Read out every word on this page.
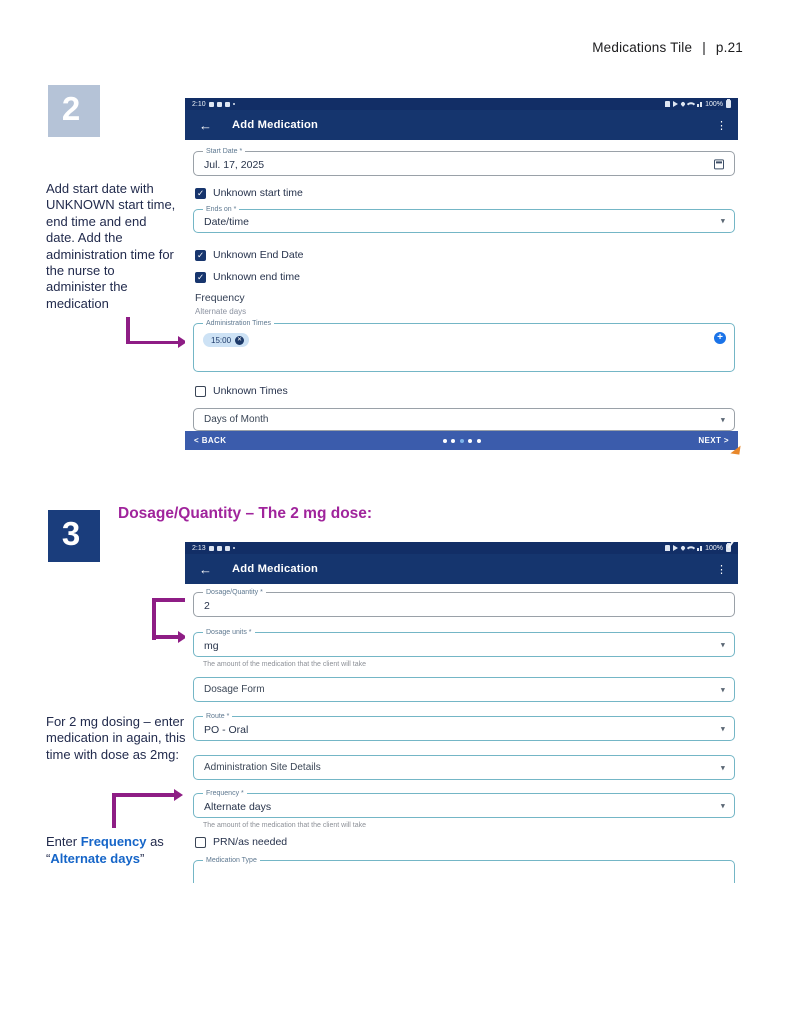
Medications Tile | p.21
2
Add start date with UNKNOWN start time, end time and end date. Add the administration time for the nurse to administer the medication
2:10	100%
← Add Medication	⋮
Start Date *
Jul. 17, 2025
✓
Unknown start time
Ends on *
Date/time
▾
✓
Unknown End Date
✓
Unknown end time
Frequency
Alternate days
Administration Times
15:00
✕
+
Unknown Times
Days of Month
▾
< BACK	NEXT >
3
Dosage/Quantity – The 2 mg dose:
For 2 mg dosing – enter medication in again, this time with dose as 2mg:
Enter Frequency as “Alternate days”
2:13	100%
← Add Medication	⋮
Dosage/Quantity *
2
Dosage units *
mg
▾
The amount of the medication that the client will take
Dosage Form
▾
Route *
PO - Oral
▾
Administration Site Details
▾
Frequency *
Alternate days
▾
The amount of the medication that the client will take
PRN/as needed
Medication Type
